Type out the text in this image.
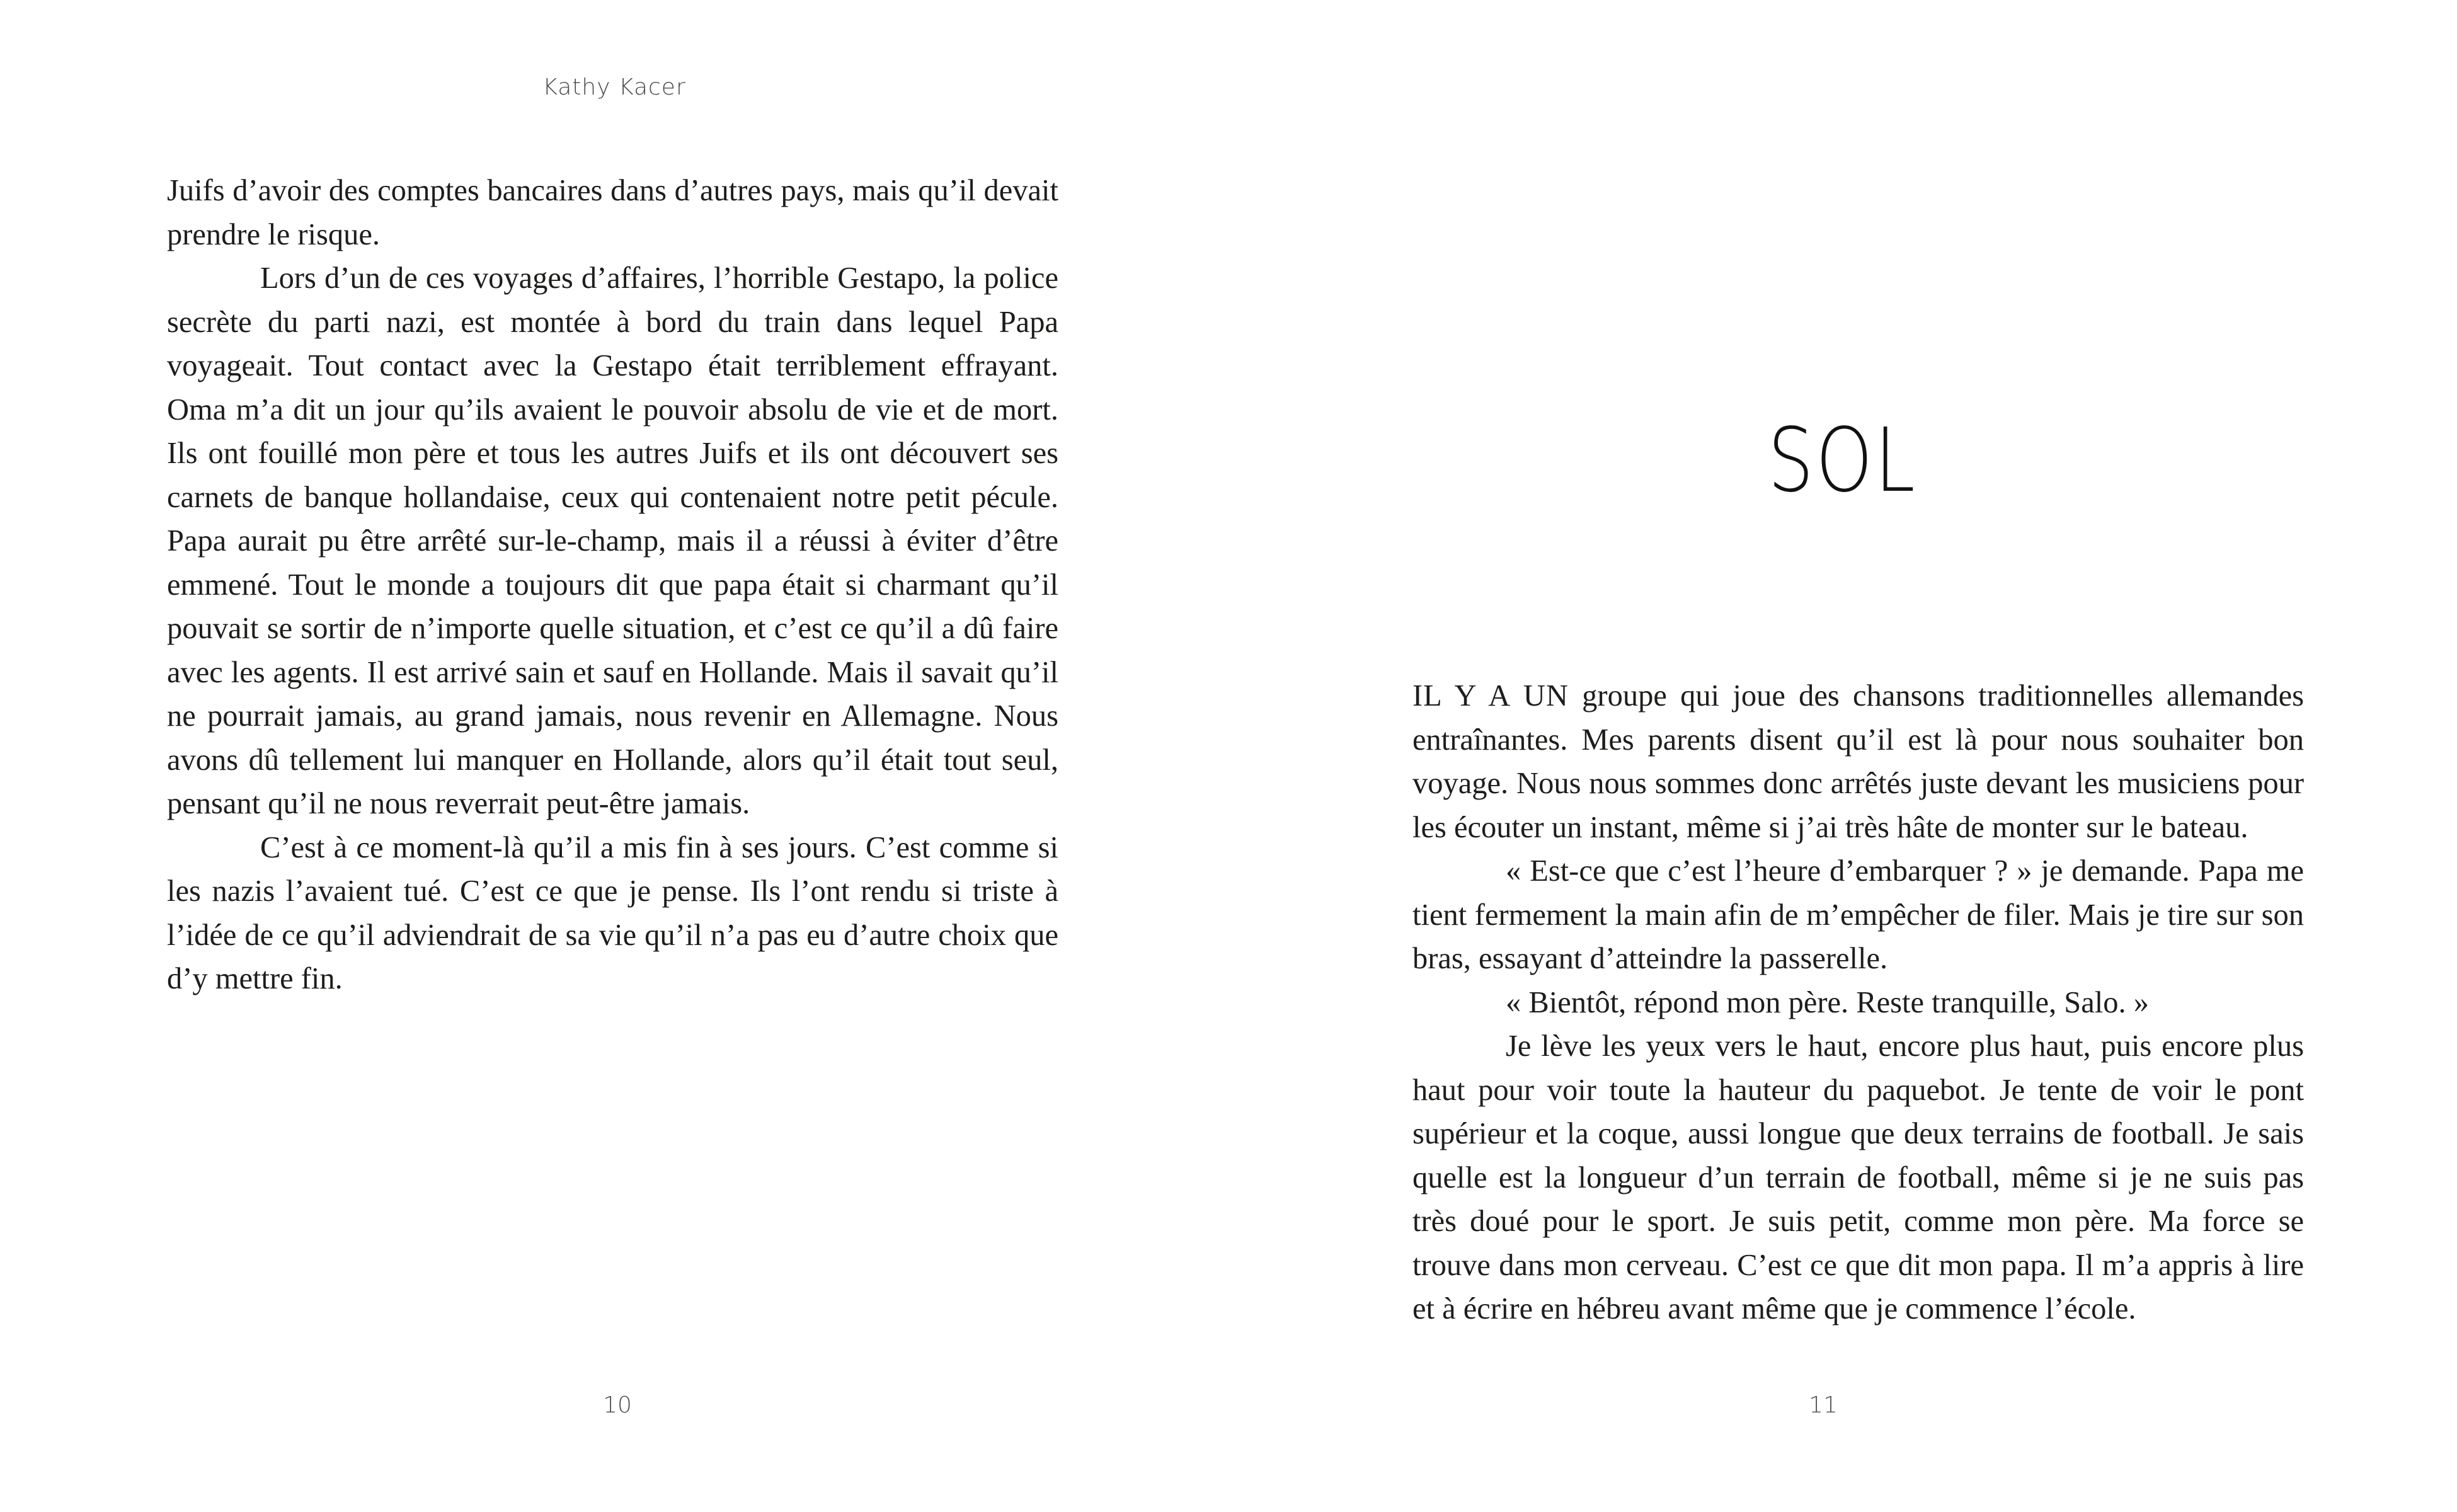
Kathy Kacer

Juifs d’avoir des comptes bancaires dans d’autres pays, mais qu’il devait prendre le risque.

Lors d’un de ces voyages d’affaires, l’horrible Gestapo, la police secrète du parti nazi, est montée à bord du train dans lequel Papa voyageait. Tout contact avec la Gestapo était terriblement effrayant. Oma m’a dit un jour qu’ils avaient le pouvoir absolu de vie et de mort. Ils ont fouillé mon père et tous les autres Juifs et ils ont découvert ses carnets de banque hollandaise, ceux qui contenaient notre petit pécule. Papa aurait pu être arrêté sur-le-champ, mais il a réussi à éviter d’être emmené. Tout le monde a toujours dit que papa était si charmant qu’il pouvait se sortir de n’importe quelle situation, et c’est ce qu’il a dû faire avec les agents. Il est arrivé sain et sauf en Hollande. Mais il savait qu’il ne pourrait jamais, au grand jamais, nous revenir en Allemagne. Nous avons dû tellement lui manquer en Hollande, alors qu’il était tout seul, pensant qu’il ne nous reverrait peut-être jamais.

C’est à ce moment-là qu’il a mis fin à ses jours. C’est comme si les nazis l’avaient tué. C’est ce que je pense. Ils l’ont rendu si triste à l’idée de ce qu’il adviendrait de sa vie qu’il n’a pas eu d’autre choix que d’y mettre fin.

10
SOL

IL Y A UN groupe qui joue des chansons traditionnelles allemandes entraînantes. Mes parents disent qu’il est là pour nous souhaiter bon voyage. Nous nous sommes donc arrêtés juste devant les musiciens pour les écouter un instant, même si j’ai très hâte de monter sur le bateau.

« Est-ce que c’est l’heure d’embarquer ? » je demande. Papa me tient fermement la main afin de m’empêcher de filer. Mais je tire sur son bras, essayant d’atteindre la passerelle.

« Bientôt, répond mon père. Reste tranquille, Salo. »

Je lève les yeux vers le haut, encore plus haut, puis encore plus haut pour voir toute la hauteur du paquebot. Je tente de voir le pont supérieur et la coque, aussi longue que deux terrains de football. Je sais quelle est la longueur d’un terrain de football, même si je ne suis pas très doué pour le sport. Je suis petit, comme mon père. Ma force se trouve dans mon cerveau. C’est ce que dit mon papa. Il m’a appris à lire et à écrire en hébreu avant même que je commence l’école.

11
